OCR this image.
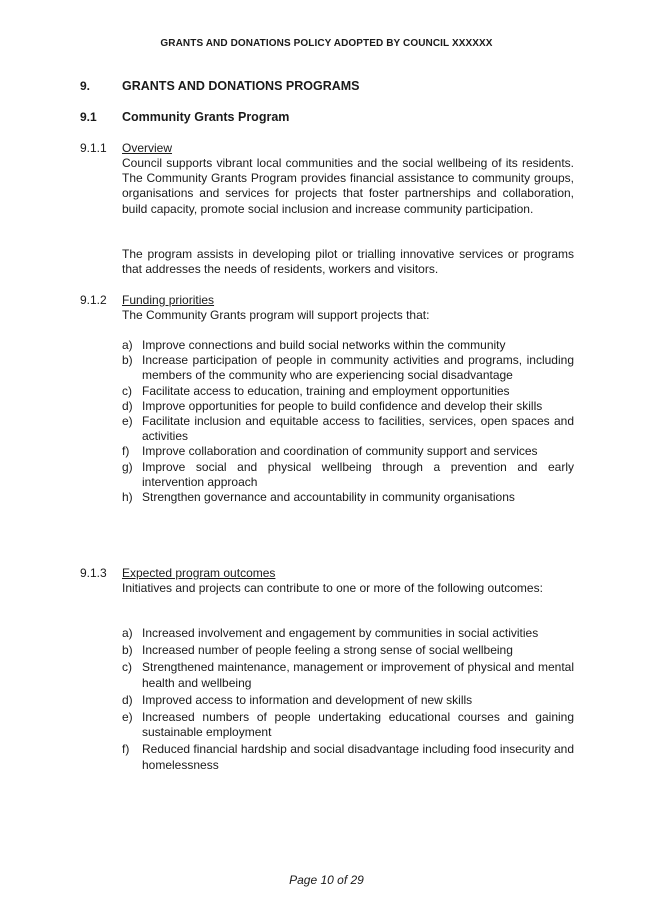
GRANTS AND DONATIONS POLICY ADOPTED BY COUNCIL XXXXXX
9.	GRANTS AND DONATIONS PROGRAMS
9.1 Community Grants Program
9.1.1 Overview
Council supports vibrant local communities and the social wellbeing of its residents. The Community Grants Program provides financial assistance to community groups, organisations and services for projects that foster partnerships and collaboration, build capacity, promote social inclusion and increase community participation.
The program assists in developing pilot or trialling innovative services or programs that addresses the needs of residents, workers and visitors.
9.1.2 Funding priorities
The Community Grants program will support projects that:
a) Improve connections and build social networks within the community
b) Increase participation of people in community activities and programs, including members of the community who are experiencing social disadvantage
c) Facilitate access to education, training and employment opportunities
d) Improve opportunities for people to build confidence and develop their skills
e) Facilitate inclusion and equitable access to facilities, services, open spaces and activities
f) Improve collaboration and coordination of community support and services
g) Improve social and physical wellbeing through a prevention and early intervention approach
h) Strengthen governance and accountability in community organisations
9.1.3 Expected program outcomes
Initiatives and projects can contribute to one or more of the following outcomes:
a) Increased involvement and engagement by communities in social activities
b) Increased number of people feeling a strong sense of social wellbeing
c) Strengthened maintenance, management or improvement of physical and mental health and wellbeing
d) Improved access to information and development of new skills
e) Increased numbers of people undertaking educational courses and gaining sustainable employment
f) Reduced financial hardship and social disadvantage including food insecurity and homelessness
Page 10 of 29
